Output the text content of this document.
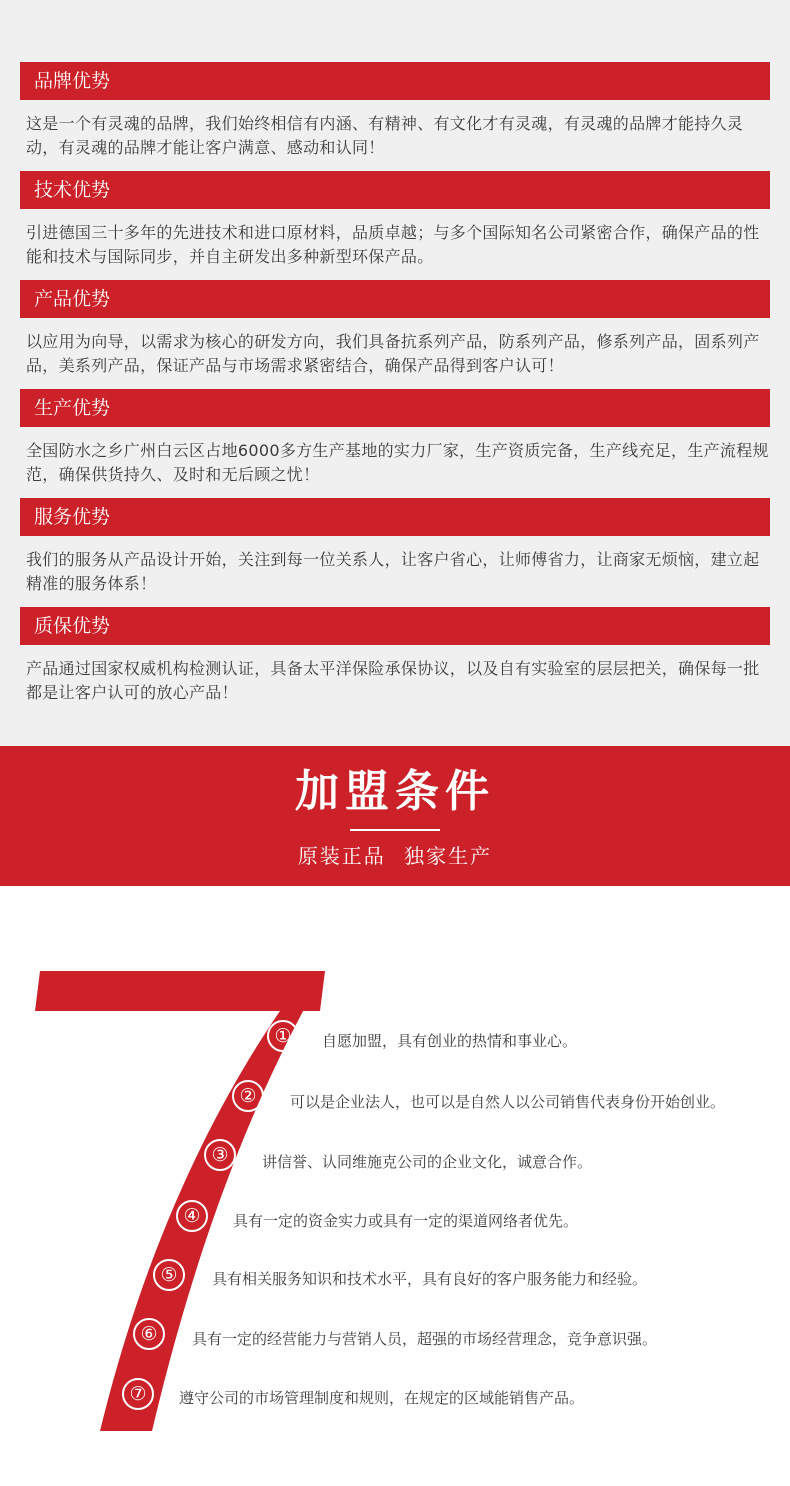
品牌优势
这是一个有灵魂的品牌，我们始终相信有内涵、有精神、有文化才有灵魂，有灵魂的品牌才能持久灵动，有灵魂的品牌才能让客户满意、感动和认同！
技术优势
引进德国三十多年的先进技术和进口原材料，品质卓越；与多个国际知名公司紧密合作，确保产品的性能和技术与国际同步，并自主研发出多种新型环保产品。
产品优势
以应用为向导，以需求为核心的研发方向，我们具备抗系列产品，防系列产品，修系列产品，固系列产品，美系列产品，保证产品与市场需求紧密结合，确保产品得到客户认可！
生产优势
全国防水之乡广州白云区占地6000多方生产基地的实力厂家，生产资质完备，生产线充足，生产流程规范，确保供货持久、及时和无后顾之忧！
服务优势
我们的服务从产品设计开始，关注到每一位关系人，让客户省心，让师傅省力，让商家无烦恼，建立起精准的服务体系！
质保优势
产品通过国家权威机构检测认证，具备太平洋保险承保协议，以及自有实验室的层层把关，确保每一批都是让客户认可的放心产品！
加盟条件
原装正品 独家生产
①	自愿加盟，具有创业的热情和事业心。
②	可以是企业法人，也可以是自然人以公司销售代表身份开始创业。
③	讲信誉、认同维施克公司的企业文化，诚意合作。
④	具有一定的资金实力或具有一定的渠道网络者优先。
⑤	具有相关服务知识和技术水平，具有良好的客户服务能力和经验。
⑥	具有一定的经营能力与营销人员，超强的市场经营理念，竞争意识强。
⑦	遵守公司的市场管理制度和规则，在规定的区域能销售产品。
